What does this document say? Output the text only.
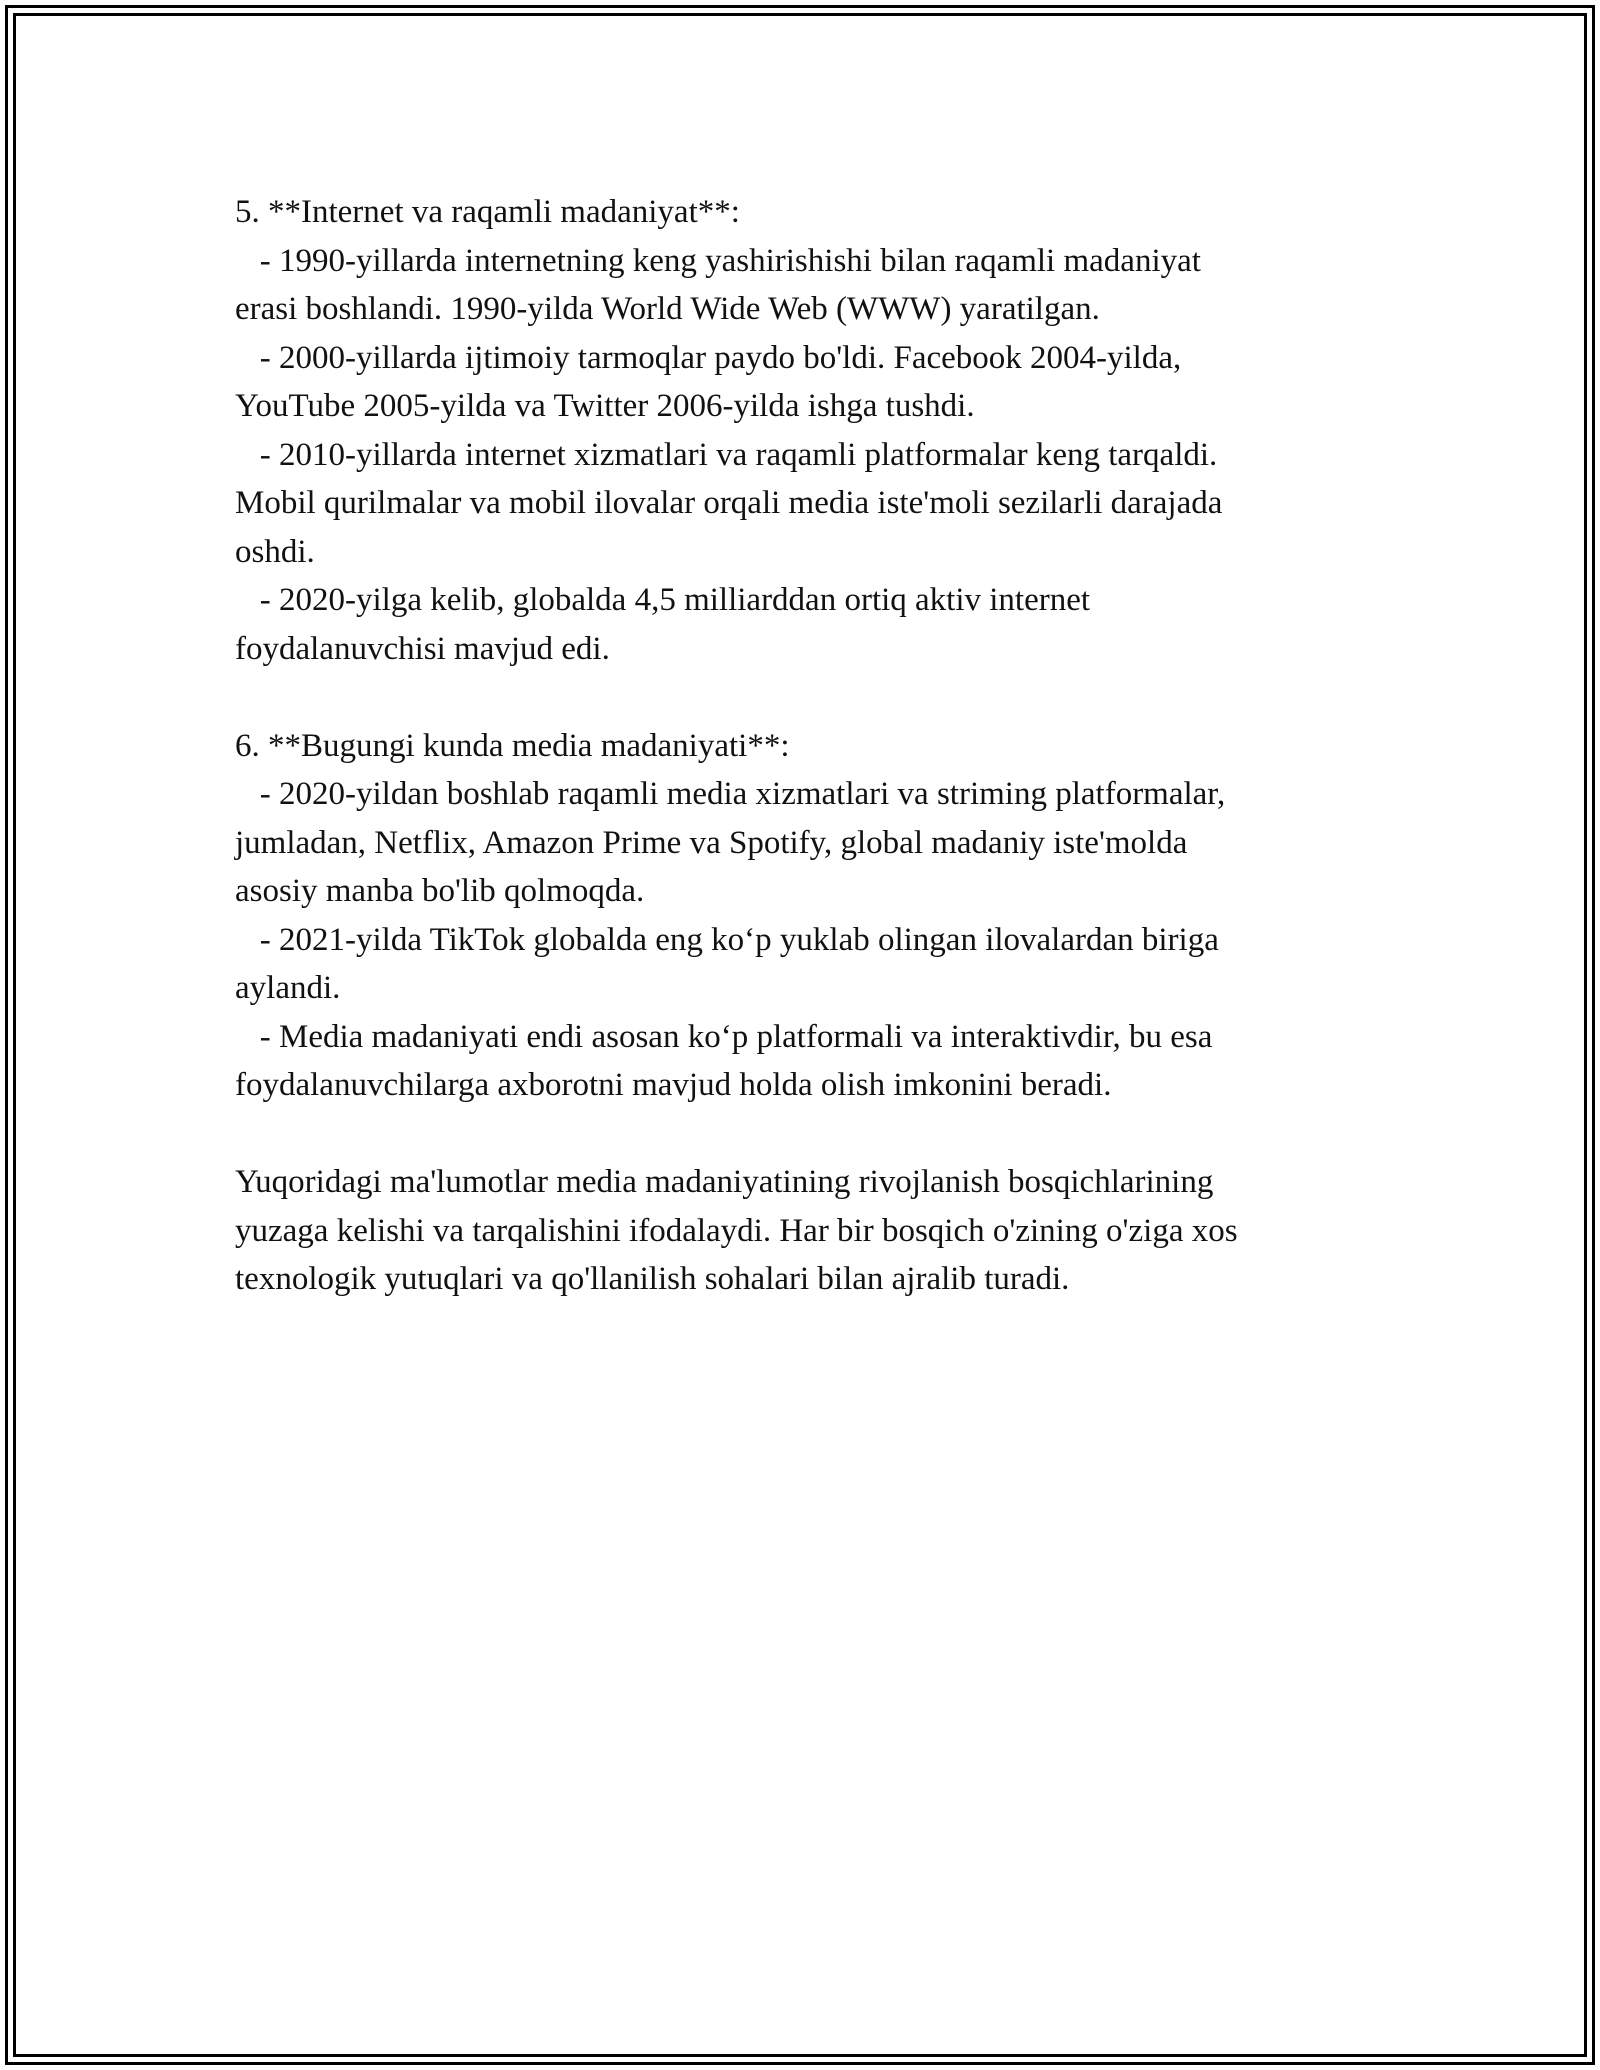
5. **Internet va raqamli madaniyat**:
- 1990-yillarda internetning keng yashirishishi bilan raqamli madaniyat
erasi boshlandi. 1990-yilda World Wide Web (WWW) yaratilgan.
- 2000-yillarda ijtimoiy tarmoqlar paydo bo'ldi. Facebook 2004-yilda,
YouTube 2005-yilda va Twitter 2006-yilda ishga tushdi.
- 2010-yillarda internet xizmatlari va raqamli platformalar keng tarqaldi.
Mobil qurilmalar va mobil ilovalar orqali media iste'moli sezilarli darajada
oshdi.
- 2020-yilga kelib, globalda 4,5 milliarddan ortiq aktiv internet
foydalanuvchisi mavjud edi.
6. **Bugungi kunda media madaniyati**:
- 2020-yildan boshlab raqamli media xizmatlari va striming platformalar,
jumladan, Netflix, Amazon Prime va Spotify, global madaniy iste'molda
asosiy manba bo'lib qolmoqda.
- 2021-yilda TikTok globalda eng ko‘p yuklab olingan ilovalardan biriga
aylandi.
- Media madaniyati endi asosan ko‘p platformali va interaktivdir, bu esa
foydalanuvchilarga axborotni mavjud holda olish imkonini beradi.
Yuqoridagi ma'lumotlar media madaniyatining rivojlanish bosqichlarining
yuzaga kelishi va tarqalishini ifodalaydi. Har bir bosqich o'zining o'ziga xos
texnologik yutuqlari va qo'llanilish sohalari bilan ajralib turadi.
